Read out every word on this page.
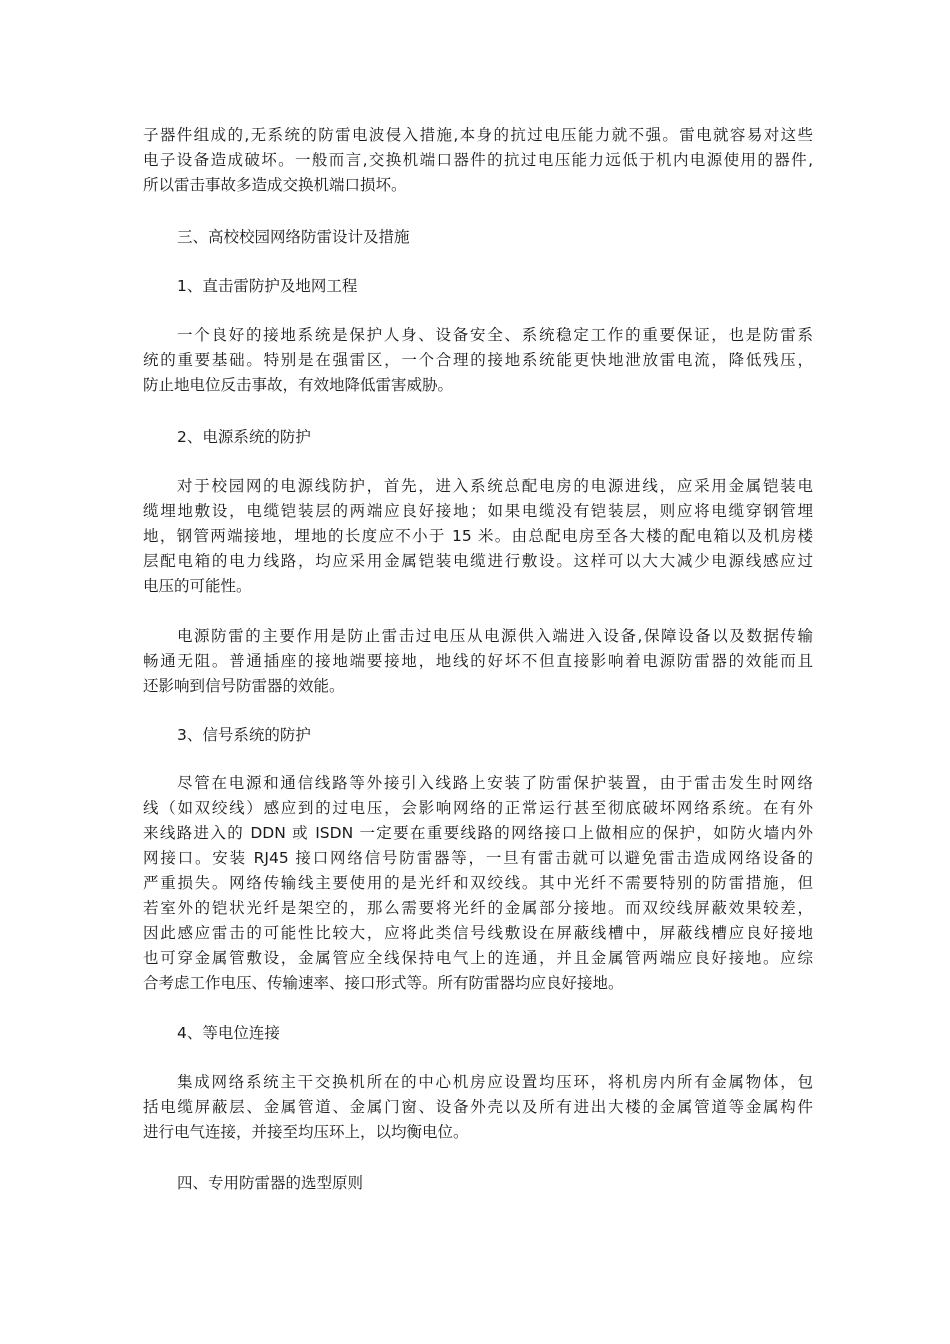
子器件组成的,无系统的防雷电波侵入措施,本身的抗过电压能力就不强。雷电就容易对这些
电子设备造成破坏。一般而言,交换机端口器件的抗过电压能力远低于机内电源使用的器件,
所以雷击事故多造成交换机端口损坏。
三、高校校园网络防雷设计及措施
1、直击雷防护及地网工程
一个良好的接地系统是保护人身、设备安全、系统稳定工作的重要保证，也是防雷系
统的重要基础。特别是在强雷区，一个合理的接地系统能更快地泄放雷电流，降低残压，
防止地电位反击事故，有效地降低雷害威胁。
2、电源系统的防护
对于校园网的电源线防护，首先，进入系统总配电房的电源进线，应采用金属铠装电
缆埋地敷设，电缆铠装层的两端应良好接地；如果电缆没有铠装层，则应将电缆穿钢管埋
地，钢管两端接地，埋地的长度应不小于 15 米。由总配电房至各大楼的配电箱以及机房楼
层配电箱的电力线路，均应采用金属铠装电缆进行敷设。这样可以大大减少电源线感应过
电压的可能性。
电源防雷的主要作用是防止雷击过电压从电源供入端进入设备,保障设备以及数据传输
畅通无阻。普通插座的接地端要接地，地线的好坏不但直接影响着电源防雷器的效能而且
还影响到信号防雷器的效能。
3、信号系统的防护
尽管在电源和通信线路等外接引入线路上安装了防雷保护装置，由于雷击发生时网络
线（如双绞线）感应到的过电压，会影响网络的正常运行甚至彻底破坏网络系统。在有外
来线路进入的 DDN 或 ISDN 一定要在重要线路的网络接口上做相应的保护，如防火墙内外
网接口。安装 RJ45 接口网络信号防雷器等，一旦有雷击就可以避免雷击造成网络设备的
严重损失。网络传输线主要使用的是光纤和双绞线。其中光纤不需要特别的防雷措施，但
若室外的铠状光纤是架空的，那么需要将光纤的金属部分接地。而双绞线屏蔽效果较差，
因此感应雷击的可能性比较大，应将此类信号线敷设在屏蔽线槽中，屏蔽线槽应良好接地
也可穿金属管敷设，金属管应全线保持电气上的连通，并且金属管两端应良好接地。应综
合考虑工作电压、传输速率、接口形式等。所有防雷器均应良好接地。
4、等电位连接
集成网络系统主干交换机所在的中心机房应设置均压环，将机房内所有金属物体，包
括电缆屏蔽层、金属管道、金属门窗、设备外壳以及所有进出大楼的金属管道等金属构件
进行电气连接，并接至均压环上，以均衡电位。
四、专用防雷器的选型原则
